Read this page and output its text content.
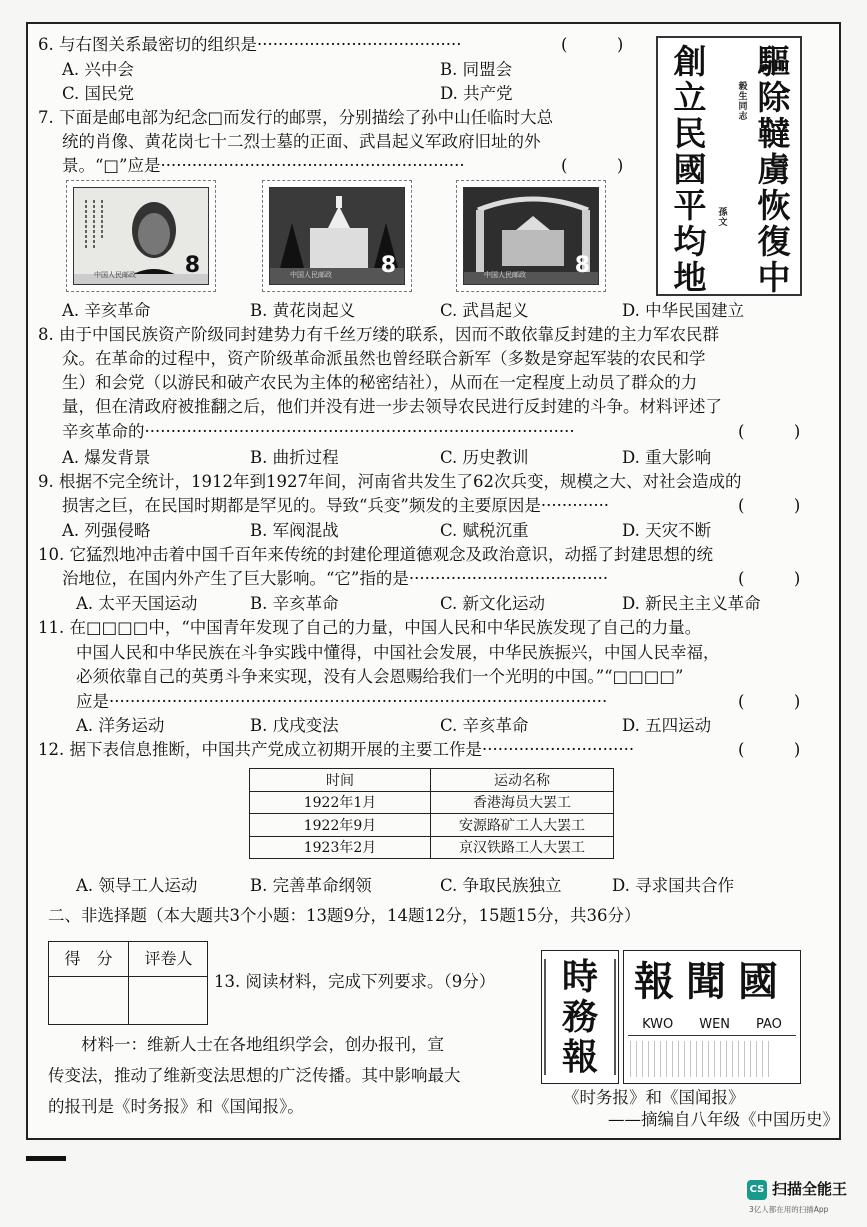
6. 与右图关系最密切的组织是·······································	(　　　)
A. 兴中会	B. 同盟会
C. 国民党	D. 共产党
驅除韃虜恢復中
創立民國平均地
毅生同志
孫文
7. 下面是邮电部为纪念□而发行的邮票，分别描绘了孙中山任临时大总
统的肖像、黄花岗七十二烈士墓的正面、武昌起义军政府旧址的外
景。“□”应是··························································	(　　　)
8
中国人民邮政	8
中国人民邮政	8
中国人民邮政
A. 辛亥革命	B. 黄花岗起义	C. 武昌起义	D. 中华民国建立
8. 由于中国民族资产阶级同封建势力有千丝万缕的联系，因而不敢依靠反封建的主力军农民群
众。在革命的过程中，资产阶级革命派虽然也曾经联合新军（多数是穿起军装的农民和学
生）和会党（以游民和破产农民为主体的秘密结社），从而在一定程度上动员了群众的力
量，但在清政府被推翻之后，他们并没有进一步去领导农民进行反封建的斗争。材料评述了
辛亥革命的··················································································	(　　　)
A. 爆发背景	B. 曲折过程	C. 历史教训	D. 重大影响
9. 根据不完全统计，1912年到1927年间，河南省共发生了62次兵变，规模之大、对社会造成的
损害之巨，在民国时期都是罕见的。导致“兵变”频发的主要原因是·············	(　　　)
A. 列强侵略	B. 军阀混战	C. 赋税沉重	D. 天灾不断
10. 它猛烈地冲击着中国千百年来传统的封建伦理道德观念及政治意识，动摇了封建思想的统
治地位，在国内外产生了巨大影响。“它”指的是······································	(　　　)
A. 太平天国运动	B. 辛亥革命	C. 新文化运动	D. 新民主主义革命
11. 在□□□□中，“中国青年发现了自己的力量，中国人民和中华民族发现了自己的力量。
中国人民和中华民族在斗争实践中懂得，中国社会发展，中华民族振兴，中国人民幸福，
必须依靠自己的英勇斗争来实现，没有人会恩赐给我们一个光明的中国。”“□□□□”
应是·······························································································	(　　　)
A. 洋务运动	B. 戊戌变法	C. 辛亥革命	D. 五四运动
12. 据下表信息推断，中国共产党成立初期开展的主要工作是·····························	(　　　)
时间	运动名称
1922年1月	香港海员大罢工
1922年9月	安源路矿工人大罢工
1923年2月	京汉铁路工人大罢工
A. 领导工人运动	B. 完善革命纲领	C. 争取民族独立	D. 寻求国共合作
二、非选择题（本大题共3个小题：13题9分，14题12分，15题15分，共36分）
得　分	评卷人
13. 阅读材料，完成下列要求。（9分） 時務報
國聞報
KWO　　WEN　　PAO
　　材料一：维新人士在各地组织学会，创办报刊，宣
传变法，推动了维新变法思想的广泛传播。其中影响最大
的报刊是《时务报》和《国闻报》。	《时务报》和《国闻报》
——摘编自八年级《中国历史》
CS 扫描全能王
3亿人都在用的扫描App
